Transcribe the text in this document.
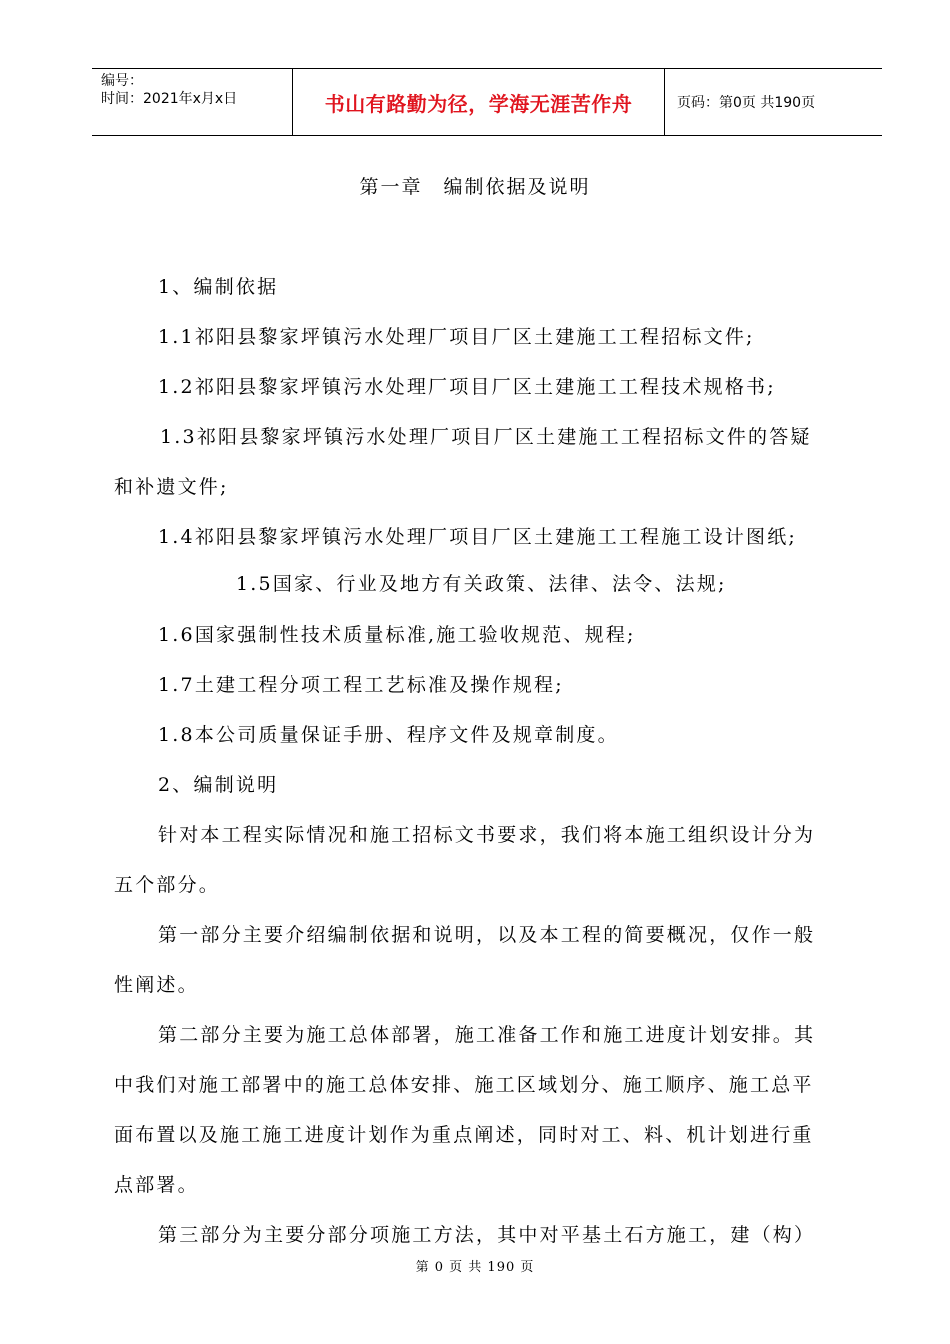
编号：
时间：2021年x月x日	书山有路勤为径，学海无涯苦作舟	页码：第0页 共190页
第一章　编制依据及说明
1、编制依据
1.1祁阳县黎家坪镇污水处理厂项目厂区土建施工工程招标文件;
1.2祁阳县黎家坪镇污水处理厂项目厂区土建施工工程技术规格书;
1.3祁阳县黎家坪镇污水处理厂项目厂区土建施工工程招标文件的答疑
和补遗文件;
1.4祁阳县黎家坪镇污水处理厂项目厂区土建施工工程施工设计图纸;
1.5国家、行业及地方有关政策、法律、法令、法规;
1.6国家强制性技术质量标准,施工验收规范、规程;
1.7土建工程分项工程工艺标准及操作规程;
1.8本公司质量保证手册、程序文件及规章制度。
2、编制说明
针对本工程实际情况和施工招标文书要求，我们将本施工组织设计分为
五个部分。
第一部分主要介绍编制依据和说明，以及本工程的简要概况，仅作一般
性阐述。
第二部分主要为施工总体部署，施工准备工作和施工进度计划安排。其
中我们对施工部署中的施工总体安排、施工区域划分、施工顺序、施工总平
面布置以及施工施工进度计划作为重点阐述，同时对工、料、机计划进行重
点部署。
第三部分为主要分部分项施工方法，其中对平基土石方施工，建（构）
第 0 页 共 190 页
